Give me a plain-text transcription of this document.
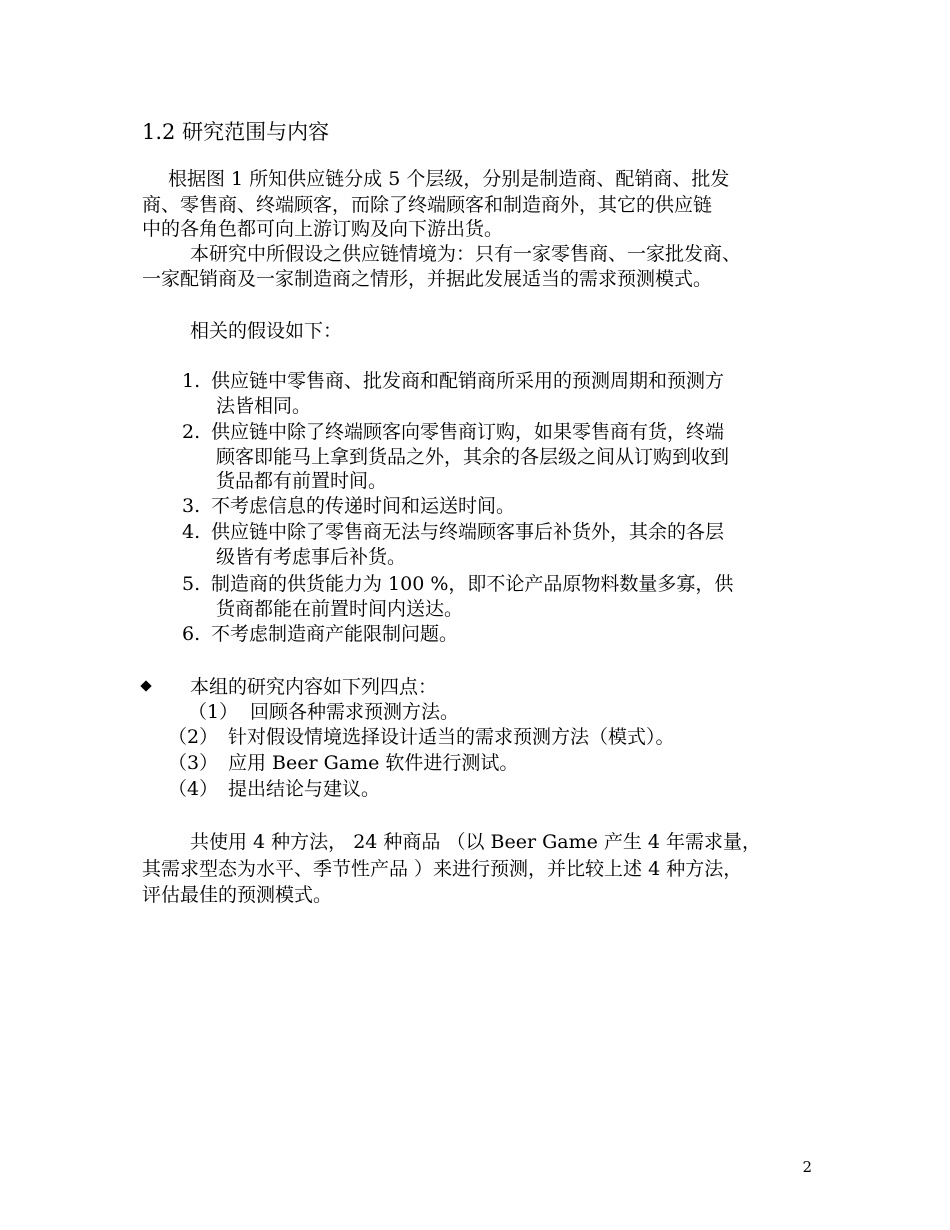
1.2 研究范围与内容
根据图 1 所知供应链分成 5 个层级，分别是制造商、配销商、批发
商、零售商、终端顾客，而除了终端顾客和制造商外，其它的供应链
中的各角色都可向上游订购及向下游出货。
本研究中所假设之供应链情境为：只有一家零售商、一家批发商、
一家配销商及一家制造商之情形，并据此发展适当的需求预测模式。
相关的假设如下：
1. 供应链中零售商、批发商和配销商所采用的预测周期和预测方
法皆相同。
2. 供应链中除了终端顾客向零售商订购，如果零售商有货，终端
顾客即能马上拿到货品之外，其余的各层级之间从订购到收到
货品都有前置时间。
3. 不考虑信息的传递时间和运送时间。
4. 供应链中除了零售商无法与终端顾客事后补货外，其余的各层
级皆有考虑事后补货。
5. 制造商的供货能力为 100 %，即不论产品原物料数量多寡，供
货商都能在前置时间内送达。
6. 不考虑制造商产能限制问题。
本组的研究内容如下列四点：
（1） 回顾各种需求预测方法。
（2） 针对假设情境选择设计适当的需求预测方法（模式）。
（3） 应用 Beer Game 软件进行测试。
（4） 提出结论与建议。
共使用 4 种方法， 24 种商品 （以 Beer Game 产生 4 年需求量，
其需求型态为水平、季节性产品 ）来进行预测，并比较上述 4 种方法，
评估最佳的预测模式。
2
